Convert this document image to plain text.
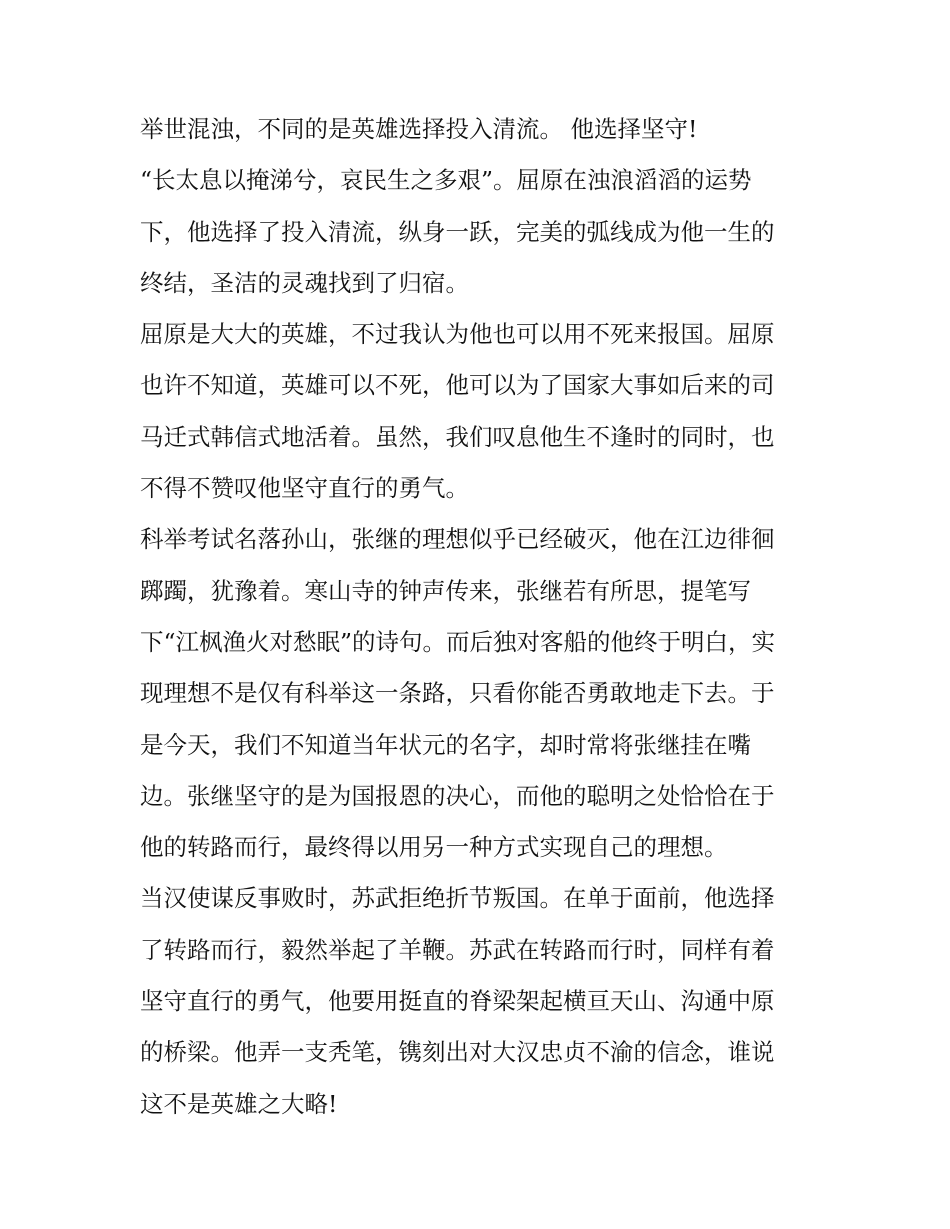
举世混浊，不同的是英雄选择投入清流。 他选择坚守!
“长太息以掩涕兮，哀民生之多艰”。屈原在浊浪滔滔的运势
下，他选择了投入清流，纵身一跃，完美的弧线成为他一生的
终结，圣洁的灵魂找到了归宿。
屈原是大大的英雄，不过我认为他也可以用不死来报国。屈原
也许不知道，英雄可以不死，他可以为了国家大事如后来的司
马迁式韩信式地活着。虽然，我们叹息他生不逢时的同时，也
不得不赞叹他坚守直行的勇气。
科举考试名落孙山，张继的理想似乎已经破灭，他在江边徘徊
踯躅，犹豫着。寒山寺的钟声传来，张继若有所思，提笔写
下“江枫渔火对愁眠”的诗句。而后独对客船的他终于明白，实
现理想不是仅有科举这一条路，只看你能否勇敢地走下去。于
是今天，我们不知道当年状元的名字，却时常将张继挂在嘴
边。张继坚守的是为国报恩的决心，而他的聪明之处恰恰在于
他的转路而行，最终得以用另一种方式实现自己的理想。
当汉使谋反事败时，苏武拒绝折节叛国。在单于面前，他选择
了转路而行，毅然举起了羊鞭。苏武在转路而行时，同样有着
坚守直行的勇气，他要用挺直的脊梁架起横亘天山、沟通中原
的桥梁。他弄一支秃笔，镌刻出对大汉忠贞不渝的信念，谁说
这不是英雄之大略!
